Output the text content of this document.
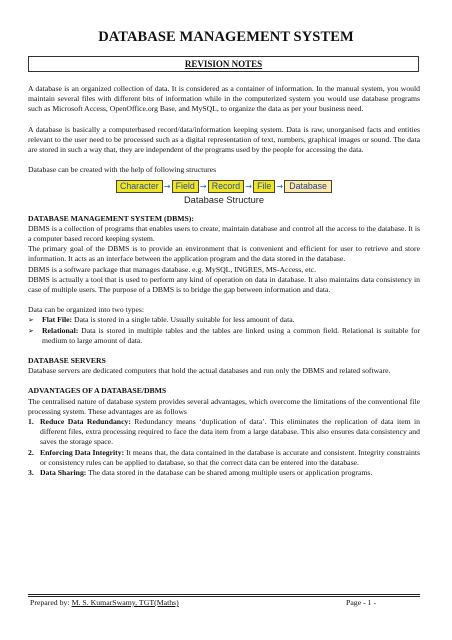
DATABASE MANAGEMENT SYSTEM
REVISION NOTES

A database is an organized collection of data. It is considered as a container of information. In the manual system, you would maintain several files with different bits of information while in the computerized system you would use database programs such as Microsoft Access, OpenOffice.org Base, and MySQL, to organize the data as per your business need.

A database is basically a computerbased record/data/information keeping system. Data is raw, unorganised facts and entities relevant to the user need to be processed such as a digital representation of text, numbers, graphical images or sound. The data are stored in such a way that, they are independent of the programs used by the people for accessing the data.

Database can be created with the help of following structures

Character → Field → Record → File → Database
Database Structure

DATABASE MANAGEMENT SYSTEM (DBMS):

DBMS is a collection of programs that enables users to create, maintain database and control all the access to the database. It is a computer based record keeping system.

The primary goal of the DBMS is to provide an environment that is convenient and efficient for user to retrieve and store information. It acts as an interface between the application program and the data stored in the database.

DBMS is a software package that manages database. e.g. MySQL, INGRES, MS-Access, etc.

DBMS is actually a tool that is used to perform any kind of operation on data in database. It also maintains data consistency in case of multiple users. The purpose of a DBMS is to bridge the gap between information and data.

Data can be organized into two types:

➢	Flat File: Data is stored in a single table. Usually suitable for less amount of data.
➢	Relational: Data is stored in multiple tables and the tables are linked using a common field. Relational is suitable for medium to large amount of data.

DATABASE SERVERS

Database servers are dedicated computers that hold the actual databases and run only the DBMS and related software.

ADVANTAGES OF A DATABASE/DBMS

The centralised nature of database system provides several advantages, which overcome the limitations of the conventional file processing system. These advantages are as follows

1. Reduce Data Redundancy: Redundancy means ‘duplication of data’. This eliminates the replication of data item in different files, extra processing required to face the data item from a large database. This also ensures data consistency and saves the storage space.
2. Enforcing Data Integrity: It means that, the data contained in the database is accurate and consistent. Integrity constraints or consistency rules can be applied to database, so that the correct data can be entered into the database.
3. Data Sharing: The data stored in the database can be shared among multiple users or application programs.
Prepared by: M. S. KumarSwamy, TGT(Maths)	Page - 1 -
